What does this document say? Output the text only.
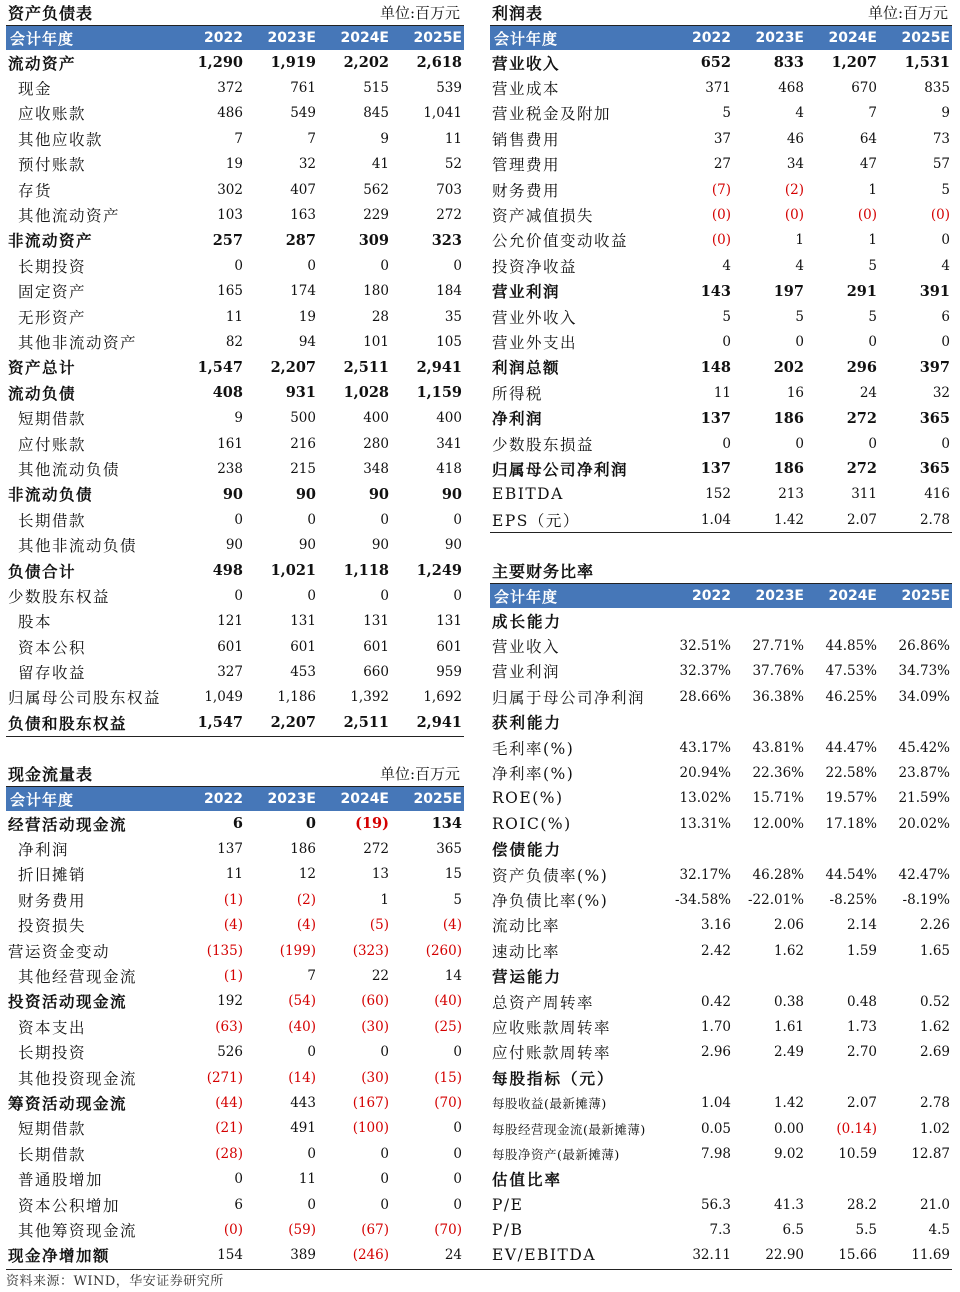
资产负债表	单位:百万元
会计年度	2022	2023E	2024E	2025E
流动资产	1,290	1,919	2,202	2,618
现金	372	761	515	539
应收账款	486	549	845	1,041
其他应收款	7	7	9	11
预付账款	19	32	41	52
存货	302	407	562	703
其他流动资产	103	163	229	272
非流动资产	257	287	309	323
长期投资	0	0	0	0
固定资产	165	174	180	184
无形资产	11	19	28	35
其他非流动资产	82	94	101	105
资产总计	1,547	2,207	2,511	2,941
流动负债	408	931	1,028	1,159
短期借款	9	500	400	400
应付账款	161	216	280	341
其他流动负债	238	215	348	418
非流动负债	90	90	90	90
长期借款	0	0	0	0
其他非流动负债	90	90	90	90
负债合计	498	1,021	1,118	1,249
少数股东权益	0	0	0	0
股本	121	131	131	131
资本公积	601	601	601	601
留存收益	327	453	660	959
归属母公司股东权益	1,049	1,186	1,392	1,692
负债和股东权益	1,547	2,207	2,511	2,941
利润表	单位:百万元
会计年度	2022	2023E	2024E	2025E
营业收入	652	833	1,207	1,531
营业成本	371	468	670	835
营业税金及附加	5	4	7	9
销售费用	37	46	64	73
管理费用	27	34	47	57
财务费用	(7)	(2)	1	5
资产减值损失	(0)	(0)	(0)	(0)
公允价值变动收益	(0)	1	1	0
投资净收益	4	4	5	4
营业利润	143	197	291	391
营业外收入	5	5	5	6
营业外支出	0	0	0	0
利润总额	148	202	296	397
所得税	11	16	24	32
净利润	137	186	272	365
少数股东损益	0	0	0	0
归属母公司净利润	137	186	272	365
EBITDA	152	213	311	416
EPS（元）	1.04	1.42	2.07	2.78
主要财务比率
会计年度	2022	2023E	2024E	2025E
成长能力
营业收入	32.51%	27.71%	44.85%	26.86%
营业利润	32.37%	37.76%	47.53%	34.73%
归属于母公司净利润	28.66%	36.38%	46.25%	34.09%
获利能力
毛利率(%)	43.17%	43.81%	44.47%	45.42%
净利率(%)	20.94%	22.36%	22.58%	23.87%
ROE(%)	13.02%	15.71%	19.57%	21.59%
ROIC(%)	13.31%	12.00%	17.18%	20.02%
偿债能力
资产负债率(%)	32.17%	46.28%	44.54%	42.47%
净负债比率(%)	-34.58%	-22.01%	-8.25%	-8.19%
流动比率	3.16	2.06	2.14	2.26
速动比率	2.42	1.62	1.59	1.65
营运能力
总资产周转率	0.42	0.38	0.48	0.52
应收账款周转率	1.70	1.61	1.73	1.62
应付账款周转率	2.96	2.49	2.70	2.69
每股指标（元）
每股收益(最新摊薄)	1.04	1.42	2.07	2.78
每股经营现金流(最新摊薄)	0.05	0.00	(0.14)	1.02
每股净资产(最新摊薄)	7.98	9.02	10.59	12.87
估值比率
P/E	56.3	41.3	28.2	21.0
P/B	7.3	6.5	5.5	4.5
EV/EBITDA	32.11	22.90	15.66	11.69
现金流量表	单位:百万元
会计年度	2022	2023E	2024E	2025E
经营活动现金流	6	0	(19)	134
净利润	137	186	272	365
折旧摊销	11	12	13	15
财务费用	(1)	(2)	1	5
投资损失	(4)	(4)	(5)	(4)
营运资金变动	(135)	(199)	(323)	(260)
其他经营现金流	(1)	7	22	14
投资活动现金流	192	(54)	(60)	(40)
资本支出	(63)	(40)	(30)	(25)
长期投资	526	0	0	0
其他投资现金流	(271)	(14)	(30)	(15)
筹资活动现金流	(44)	443	(167)	(70)
短期借款	(21)	491	(100)	0
长期借款	(28)	0	0	0
普通股增加	0	11	0	0
资本公积增加	6	0	0	0
其他筹资现金流	(0)	(59)	(67)	(70)
现金净增加额	154	389	(246)	24
资料来源：WIND，华安证券研究所
